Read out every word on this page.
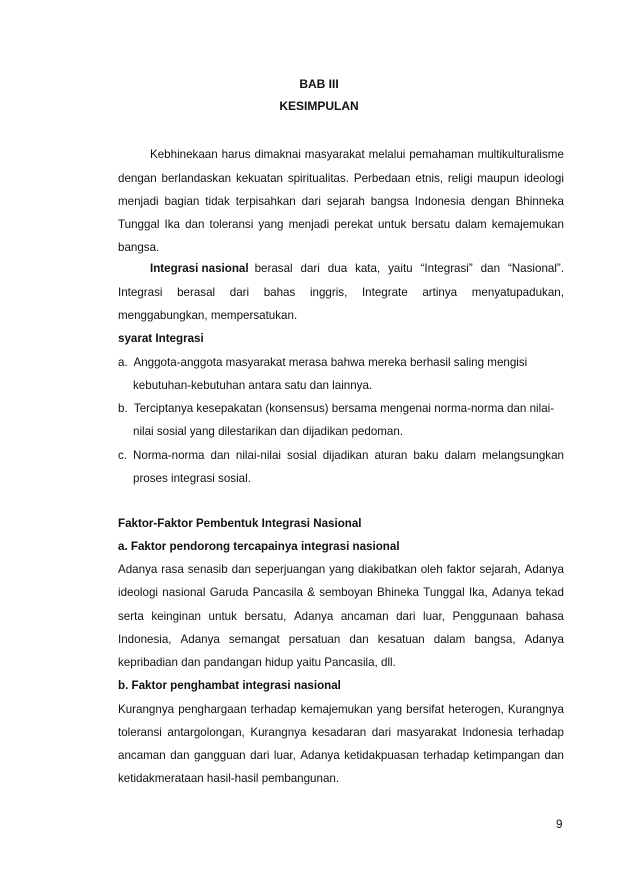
BAB III
KESIMPULAN
Kebhinekaan harus dimaknai masyarakat melalui pemahaman multikulturalisme
dengan berlandaskan kekuatan spiritualitas. Perbedaan etnis, religi maupun ideologi
menjadi bagian tidak terpisahkan dari sejarah bangsa Indonesia dengan Bhinneka
Tunggal Ika dan toleransi yang menjadi perekat untuk bersatu dalam kemajemukan
bangsa.
Integrasi nasional berasal dari dua kata, yaitu “Integrasi” dan “Nasional”.
Integrasi berasal dari bahas inggris, Integrate artinya menyatupadukan,
menggabungkan, mempersatukan.
syarat Integrasi
a. Anggota-anggota masyarakat merasa bahwa mereka berhasil saling mengisi
kebutuhan-kebutuhan antara satu dan lainnya.
b. Terciptanya kesepakatan (konsensus) bersama mengenai norma-norma dan nilai-
nilai sosial yang dilestarikan dan dijadikan pedoman.
c. Norma-norma dan nilai-nilai sosial dijadikan aturan baku dalam melangsungkan
proses integrasi sosial.
Faktor-Faktor Pembentuk Integrasi Nasional
a. Faktor pendorong tercapainya integrasi nasional
Adanya rasa senasib dan seperjuangan yang diakibatkan oleh faktor sejarah, Adanya
ideologi nasional Garuda Pancasila & semboyan Bhineka Tunggal Ika, Adanya tekad
serta keinginan untuk bersatu, Adanya ancaman dari luar, Penggunaan bahasa
Indonesia, Adanya semangat persatuan dan kesatuan dalam bangsa, Adanya
kepribadian dan pandangan hidup yaitu Pancasila, dll.
b. Faktor penghambat integrasi nasional
Kurangnya penghargaan terhadap kemajemukan yang bersifat heterogen, Kurangnya
toleransi antargolongan, Kurangnya kesadaran dari masyarakat Indonesia terhadap
ancaman dan gangguan dari luar, Adanya ketidakpuasan terhadap ketimpangan dan
ketidakmerataan hasil-hasil pembangunan.
9
